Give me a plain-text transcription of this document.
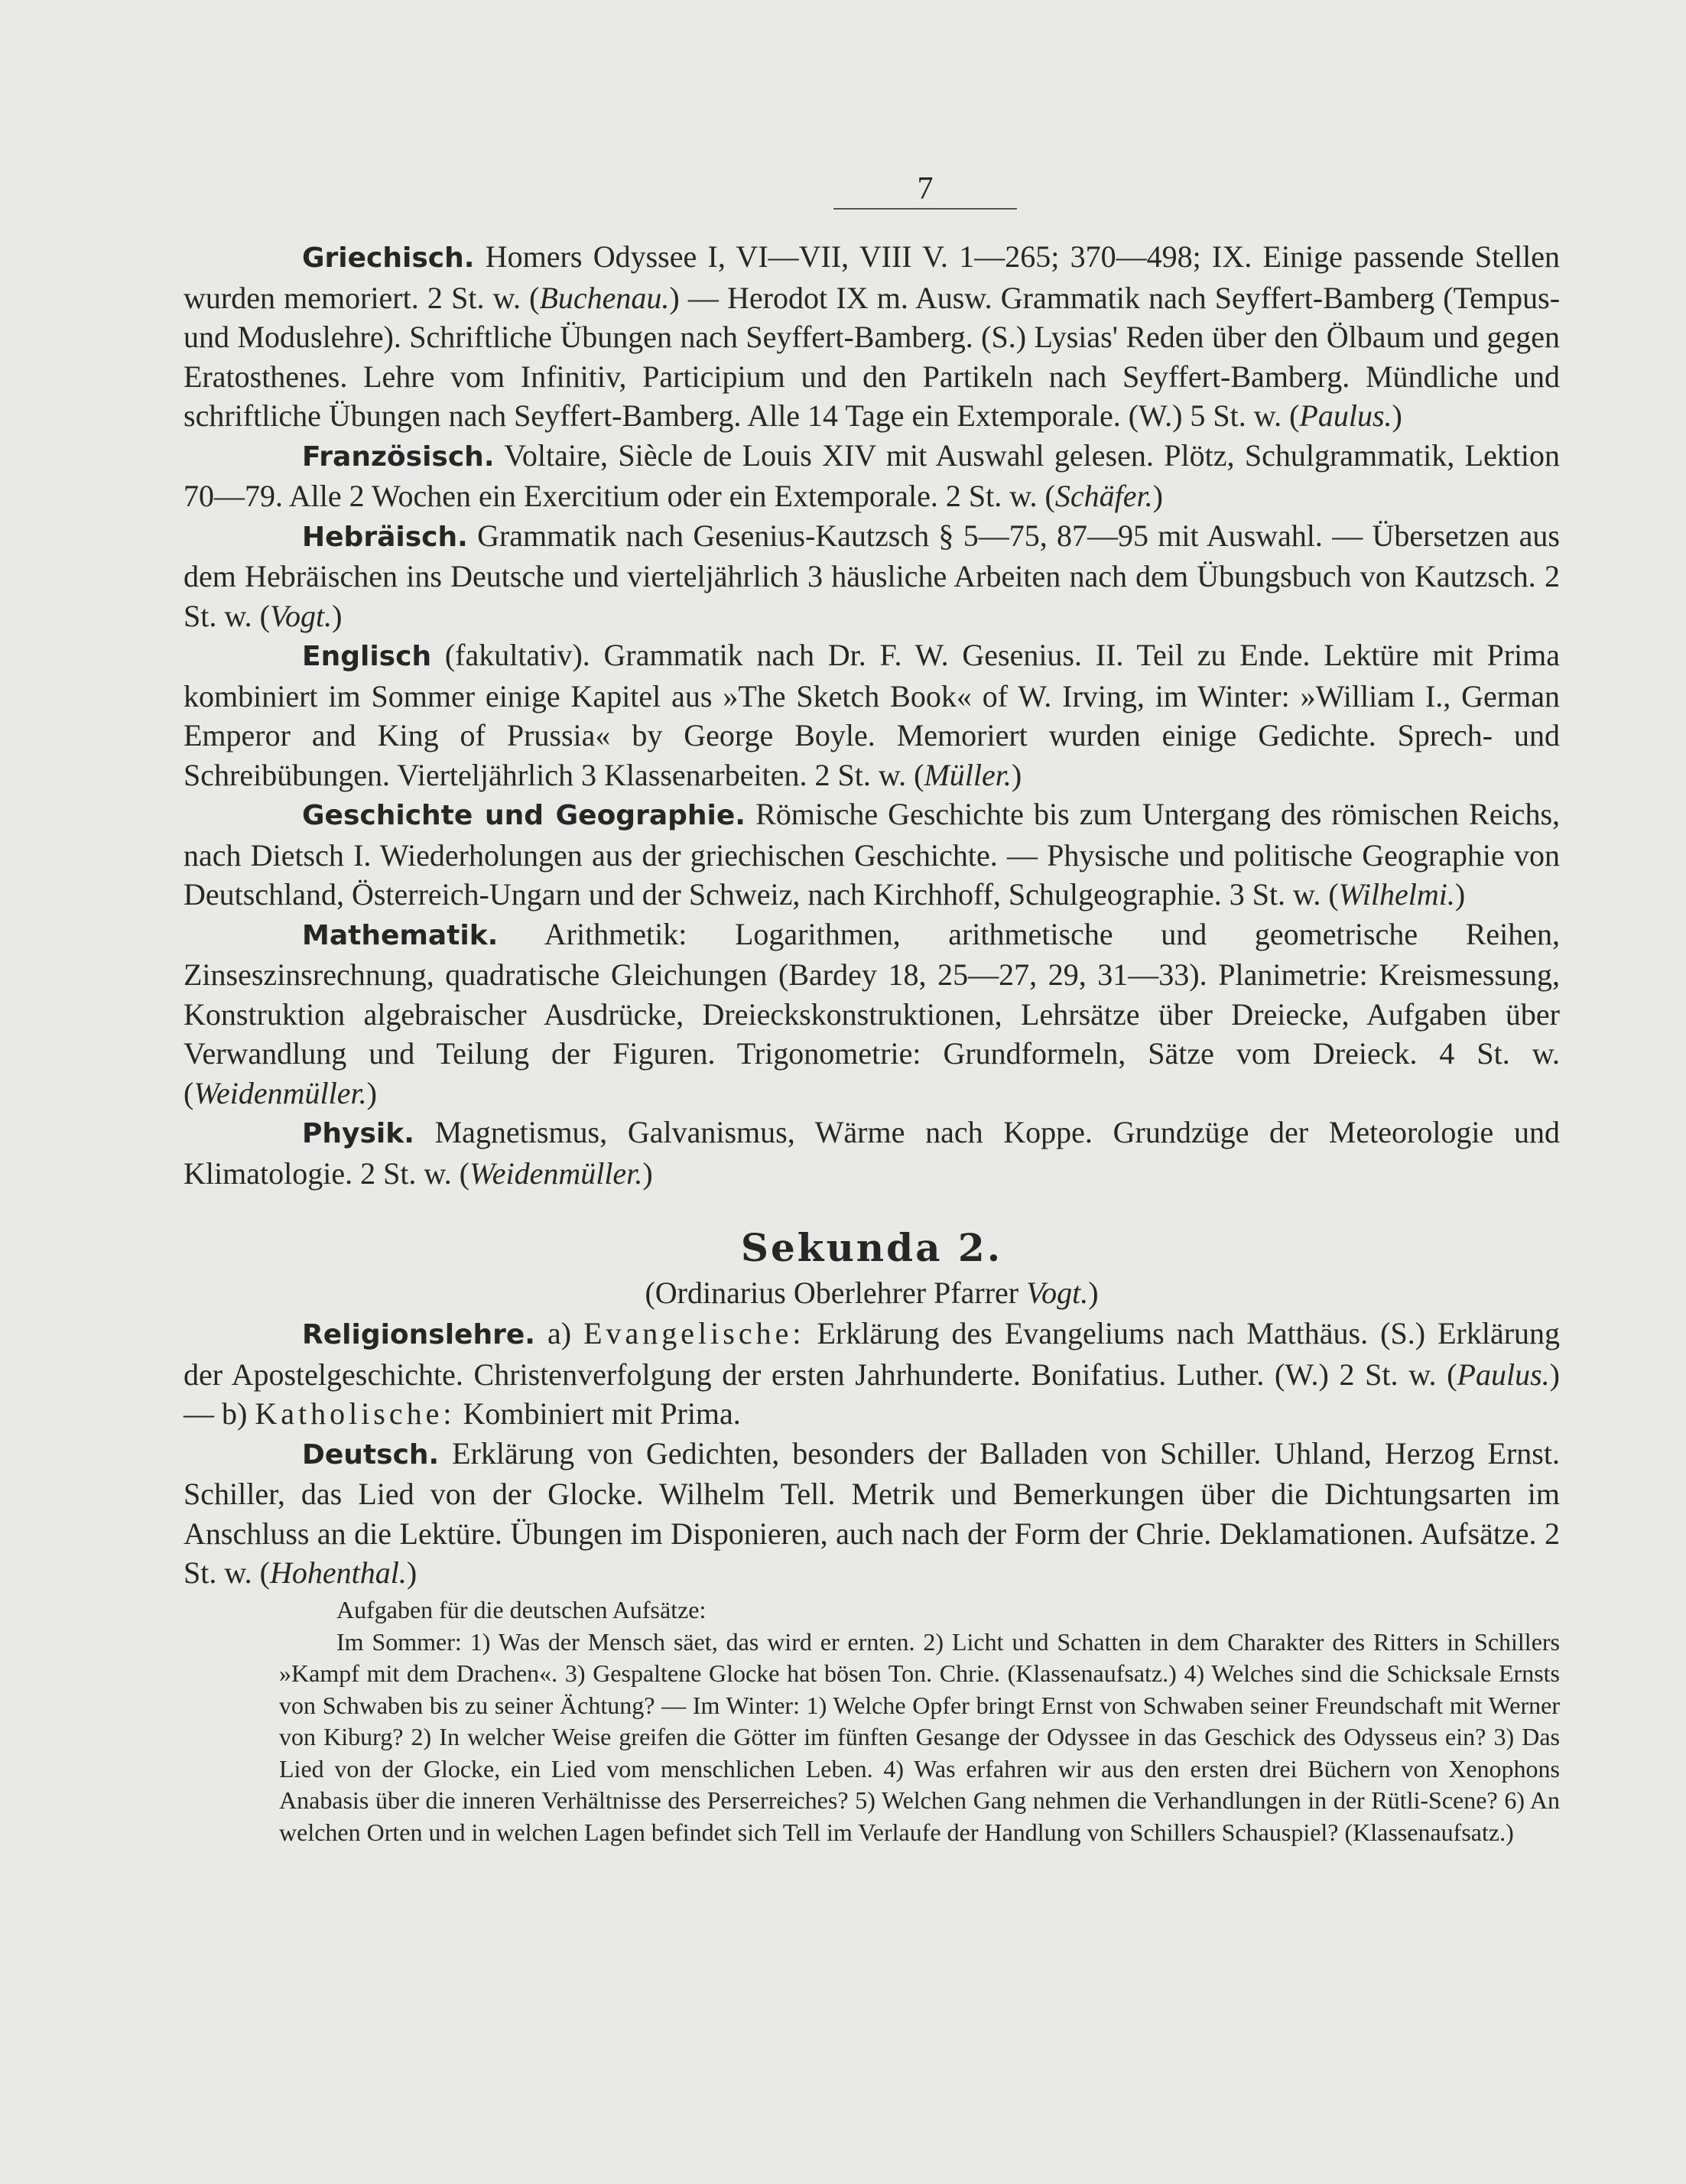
7

Griechisch. Homers Odyssee I, VI—VII, VIII V. 1—265; 370—498; IX. Einige passende Stellen wurden memoriert. 2 St. w. (Buchenau.) — Herodot IX m. Ausw. Grammatik nach Seyffert-Bamberg (Tempus- und Moduslehre). Schriftliche Übungen nach Seyffert-Bamberg. (S.) Lysias' Reden über den Ölbaum und gegen Eratosthenes. Lehre vom Infinitiv, Participium und den Partikeln nach Seyffert-Bamberg. Mündliche und schriftliche Übungen nach Seyffert-Bamberg. Alle 14 Tage ein Extemporale. (W.) 5 St. w. (Paulus.)

Französisch. Voltaire, Siècle de Louis XIV mit Auswahl gelesen. Plötz, Schulgrammatik, Lektion 70—79. Alle 2 Wochen ein Exercitium oder ein Extemporale. 2 St. w. (Schäfer.)

Hebräisch. Grammatik nach Gesenius-Kautzsch § 5—75, 87—95 mit Auswahl. — Übersetzen aus dem Hebräischen ins Deutsche und vierteljährlich 3 häusliche Arbeiten nach dem Übungsbuch von Kautzsch. 2 St. w. (Vogt.)

Englisch (fakultativ). Grammatik nach Dr. F. W. Gesenius. II. Teil zu Ende. Lektüre mit Prima kombiniert im Sommer einige Kapitel aus »The Sketch Book« of W. Irving, im Winter: »William I., German Emperor and King of Prussia« by George Boyle. Memoriert wurden einige Gedichte. Sprech- und Schreibübungen. Vierteljährlich 3 Klassenarbeiten. 2 St. w. (Müller.)

Geschichte und Geographie. Römische Geschichte bis zum Untergang des römischen Reichs, nach Dietsch I. Wiederholungen aus der griechischen Geschichte. — Physische und politische Geographie von Deutschland, Österreich-Ungarn und der Schweiz, nach Kirchhoff, Schulgeographie. 3 St. w. (Wilhelmi.)

Mathematik. Arithmetik: Logarithmen, arithmetische und geometrische Reihen, Zinseszinsrechnung, quadratische Gleichungen (Bardey 18, 25—27, 29, 31—33). Planimetrie: Kreismessung, Konstruktion algebraischer Ausdrücke, Dreieckskonstruktionen, Lehrsätze über Dreiecke, Aufgaben über Verwandlung und Teilung der Figuren. Trigonometrie: Grundformeln, Sätze vom Dreieck. 4 St. w. (Weidenmüller.)

Physik. Magnetismus, Galvanismus, Wärme nach Koppe. Grundzüge der Meteorologie und Klimatologie. 2 St. w. (Weidenmüller.)

Sekunda 2.
(Ordinarius Oberlehrer Pfarrer Vogt.)

Religionslehre. a) Evangelische: Erklärung des Evangeliums nach Matthäus. (S.) Erklärung der Apostelgeschichte. Christenverfolgung der ersten Jahrhunderte. Bonifatius. Luther. (W.) 2 St. w. (Paulus.) — b) Katholische: Kombiniert mit Prima.

Deutsch. Erklärung von Gedichten, besonders der Balladen von Schiller. Uhland, Herzog Ernst. Schiller, das Lied von der Glocke. Wilhelm Tell. Metrik und Bemerkungen über die Dichtungsarten im Anschluss an die Lektüre. Übungen im Disponieren, auch nach der Form der Chrie. Deklamationen. Aufsätze. 2 St. w. (Hohenthal.)

Aufgaben für die deutschen Aufsätze:

Im Sommer: 1) Was der Mensch säet, das wird er ernten. 2) Licht und Schatten in dem Charakter des Ritters in Schillers »Kampf mit dem Drachen«. 3) Gespaltene Glocke hat bösen Ton. Chrie. (Klassenaufsatz.) 4) Welches sind die Schicksale Ernsts von Schwaben bis zu seiner Ächtung? — Im Winter: 1) Welche Opfer bringt Ernst von Schwaben seiner Freundschaft mit Werner von Kiburg? 2) In welcher Weise greifen die Götter im fünften Gesange der Odyssee in das Geschick des Odysseus ein? 3) Das Lied von der Glocke, ein Lied vom menschlichen Leben. 4) Was erfahren wir aus den ersten drei Büchern von Xenophons Anabasis über die inneren Verhältnisse des Perserreiches? 5) Welchen Gang nehmen die Verhandlungen in der Rütli-Scene? 6) An welchen Orten und in welchen Lagen befindet sich Tell im Verlaufe der Handlung von Schillers Schauspiel? (Klassenaufsatz.)
